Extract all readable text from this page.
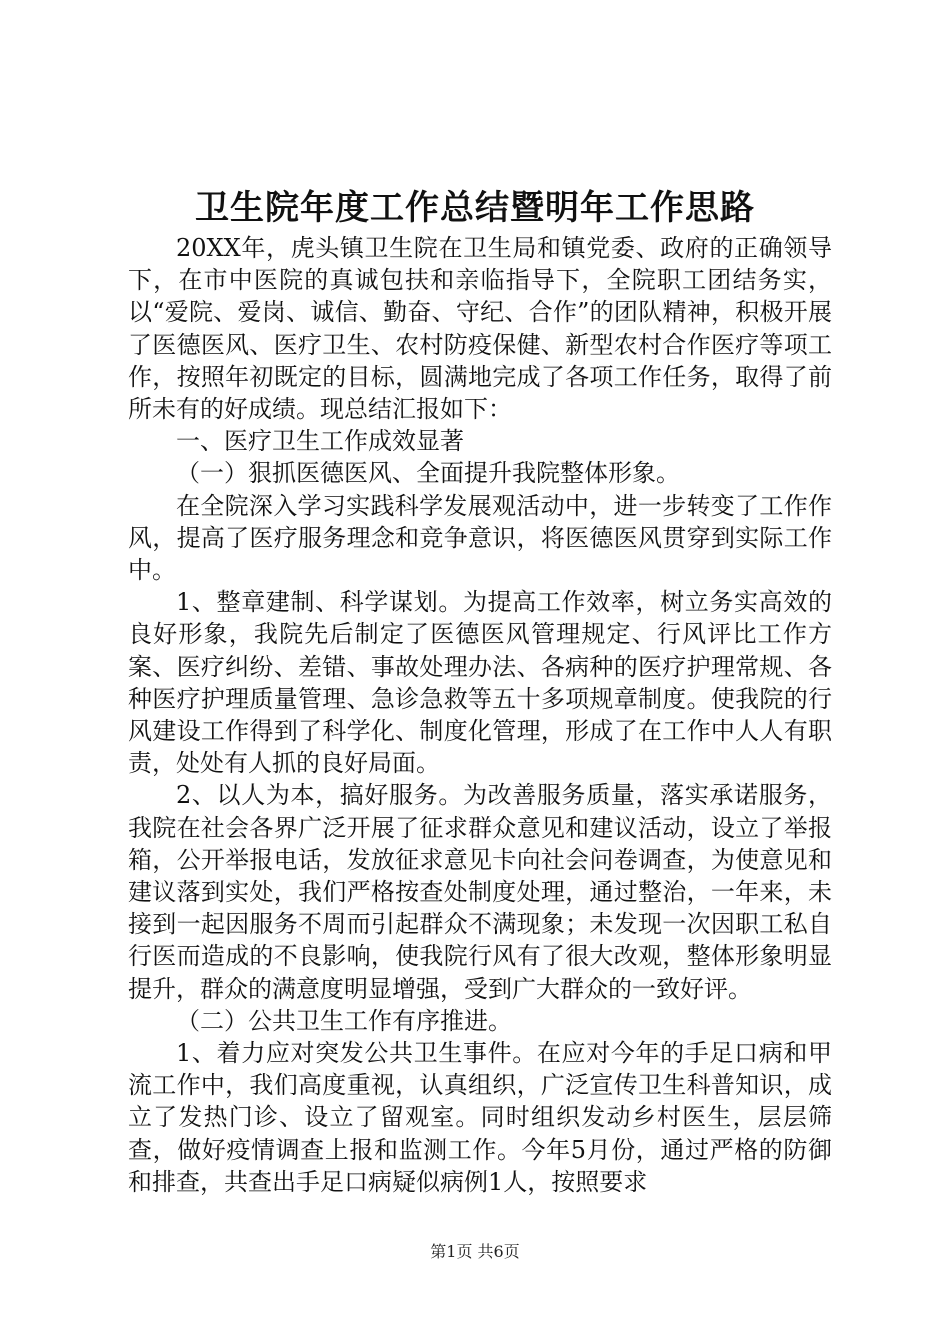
卫生院年度工作总结暨明年工作思路

20XX年，虎头镇卫生院在卫生局和镇党委、政府的正确领导下，在市中医院的真诚包扶和亲临指导下，全院职工团结务实，以“爱院、爱岗、诚信、勤奋、守纪、合作”的团队精神，积极开展了医德医风、医疗卫生、农村防疫保健、新型农村合作医疗等项工作，按照年初既定的目标，圆满地完成了各项工作任务，取得了前所未有的好成绩。现总结汇报如下：

一、医疗卫生工作成效显著

（一）狠抓医德医风、全面提升我院整体形象。

在全院深入学习实践科学发展观活动中，进一步转变了工作作风，提高了医疗服务理念和竞争意识，将医德医风贯穿到实际工作中。

1、整章建制、科学谋划。为提高工作效率，树立务实高效的良好形象，我院先后制定了医德医风管理规定、行风评比工作方案、医疗纠纷、差错、事故处理办法、各病种的医疗护理常规、各种医疗护理质量管理、急诊急救等五十多项规章制度。使我院的行风建设工作得到了科学化、制度化管理，形成了在工作中人人有职责，处处有人抓的良好局面。

2、以人为本，搞好服务。为改善服务质量，落实承诺服务，我院在社会各界广泛开展了征求群众意见和建议活动，设立了举报箱，公开举报电话，发放征求意见卡向社会问卷调查，为使意见和建议落到实处，我们严格按查处制度处理，通过整治，一年来，未接到一起因服务不周而引起群众不满现象；未发现一次因职工私自行医而造成的不良影响，使我院行风有了很大改观，整体形象明显提升，群众的满意度明显增强，受到广大群众的一致好评。

（二）公共卫生工作有序推进。

1、着力应对突发公共卫生事件。在应对今年的手足口病和甲流工作中，我们高度重视，认真组织，广泛宣传卫生科普知识，成立了发热门诊、设立了留观室。同时组织发动乡村医生，层层筛查，做好疫情调查上报和监测工作。今年5月份，通过严格的防御和排查，共查出手足口病疑似病例1人，按照要求

第1页 共6页
